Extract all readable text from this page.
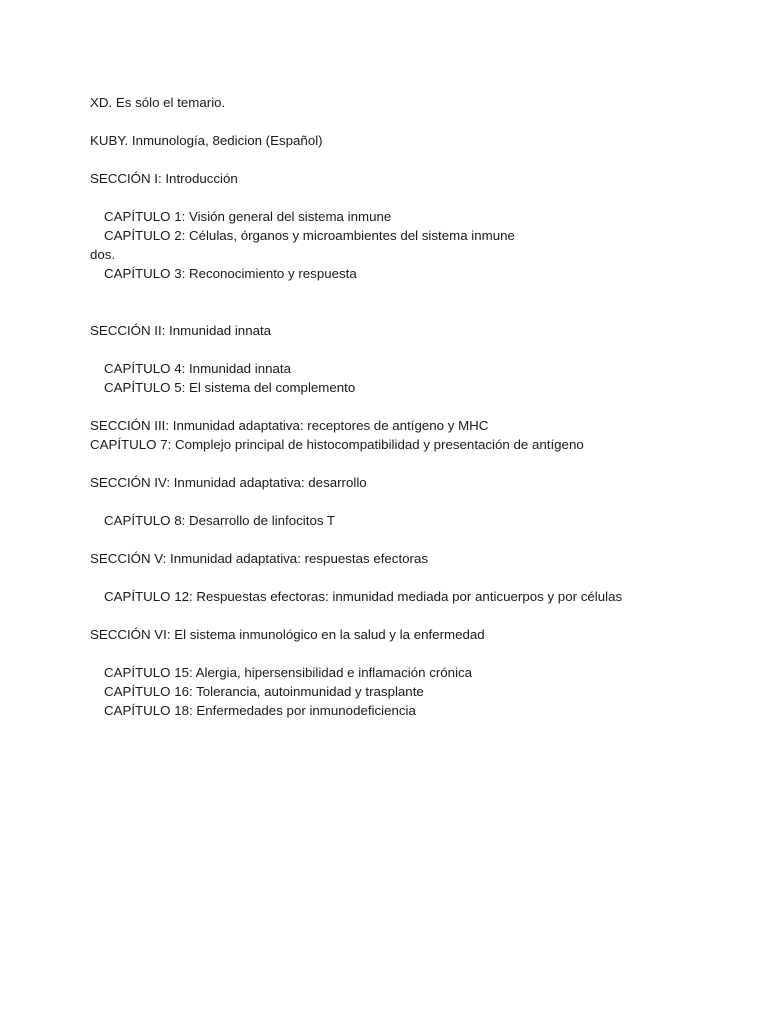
XD. Es sólo el temario.
KUBY. Inmunología, 8edicion (Español)
SECCIÓN I: Introducción
CAPÍTULO 1: Visión general del sistema inmune
CAPÍTULO 2: Células, órganos y microambientes del sistema inmune
dos.
CAPÍTULO 3: Reconocimiento y respuesta
SECCIÓN II: Inmunidad innata
CAPÍTULO 4: Inmunidad innata
CAPÍTULO 5: El sistema del complemento
SECCIÓN III: Inmunidad adaptativa: receptores de antígeno y MHC
CAPÍTULO 7: Complejo principal de histocompatibilidad y presentación de antígeno
SECCIÓN IV: Inmunidad adaptativa: desarrollo
CAPÍTULO 8: Desarrollo de linfocitos T
SECCIÓN V: Inmunidad adaptativa: respuestas efectoras
CAPÍTULO 12: Respuestas efectoras: inmunidad mediada por anticuerpos y por células
SECCIÓN VI: El sistema inmunológico en la salud y la enfermedad
CAPÍTULO 15: Alergia, hipersensibilidad e inflamación crónica
CAPÍTULO 16: Tolerancia, autoinmunidad y trasplante
CAPÍTULO 18: Enfermedades por inmunodeficiencia
